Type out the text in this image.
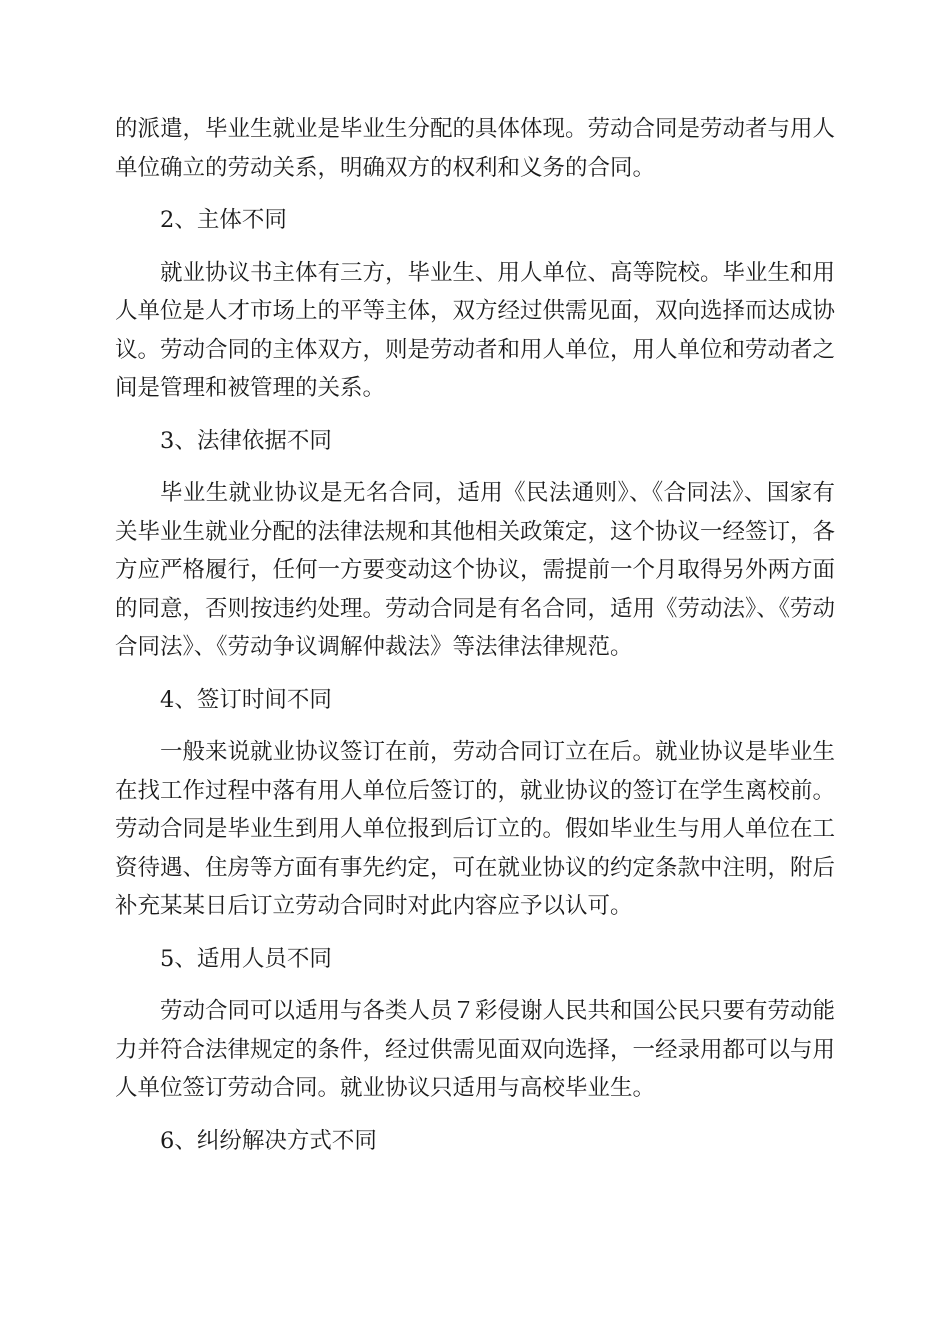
的派遣，毕业生就业是毕业生分配的具体体现。劳动合同是劳动者与用人单位确立的劳动关系，明确双方的权利和义务的合同。

2、主体不同

就业协议书主体有三方，毕业生、用人单位、高等院校。毕业生和用人单位是人才市场上的平等主体，双方经过供需见面，双向选择而达成协议。劳动合同的主体双方，则是劳动者和用人单位，用人单位和劳动者之间是管理和被管理的关系。

3、法律依据不同

毕业生就业协议是无名合同，适用《民法通则》、《合同法》、国家有关毕业生就业分配的法律法规和其他相关政策定，这个协议一经签订，各方应严格履行，任何一方要变动这个协议，需提前一个月取得另外两方面的同意，否则按违约处理。劳动合同是有名合同，适用《劳动法》、《劳动合同法》、《劳动争议调解仲裁法》等法律法律规范。

4、签订时间不同

一般来说就业协议签订在前，劳动合同订立在后。就业协议是毕业生在找工作过程中落有用人单位后签订的，就业协议的签订在学生离校前。劳动合同是毕业生到用人单位报到后订立的。假如毕业生与用人单位在工资待遇、住房等方面有事先约定，可在就业协议的约定条款中注明，附后补充某某日后订立劳动合同时对此内容应予以认可。

5、适用人员不同

劳动合同可以适用与各类人员７彩侵谢人民共和国公民只要有劳动能力并符合法律规定的条件，经过供需见面双向选择，一经录用都可以与用人单位签订劳动合同。就业协议只适用与高校毕业生。

6、纠纷解决方式不同
